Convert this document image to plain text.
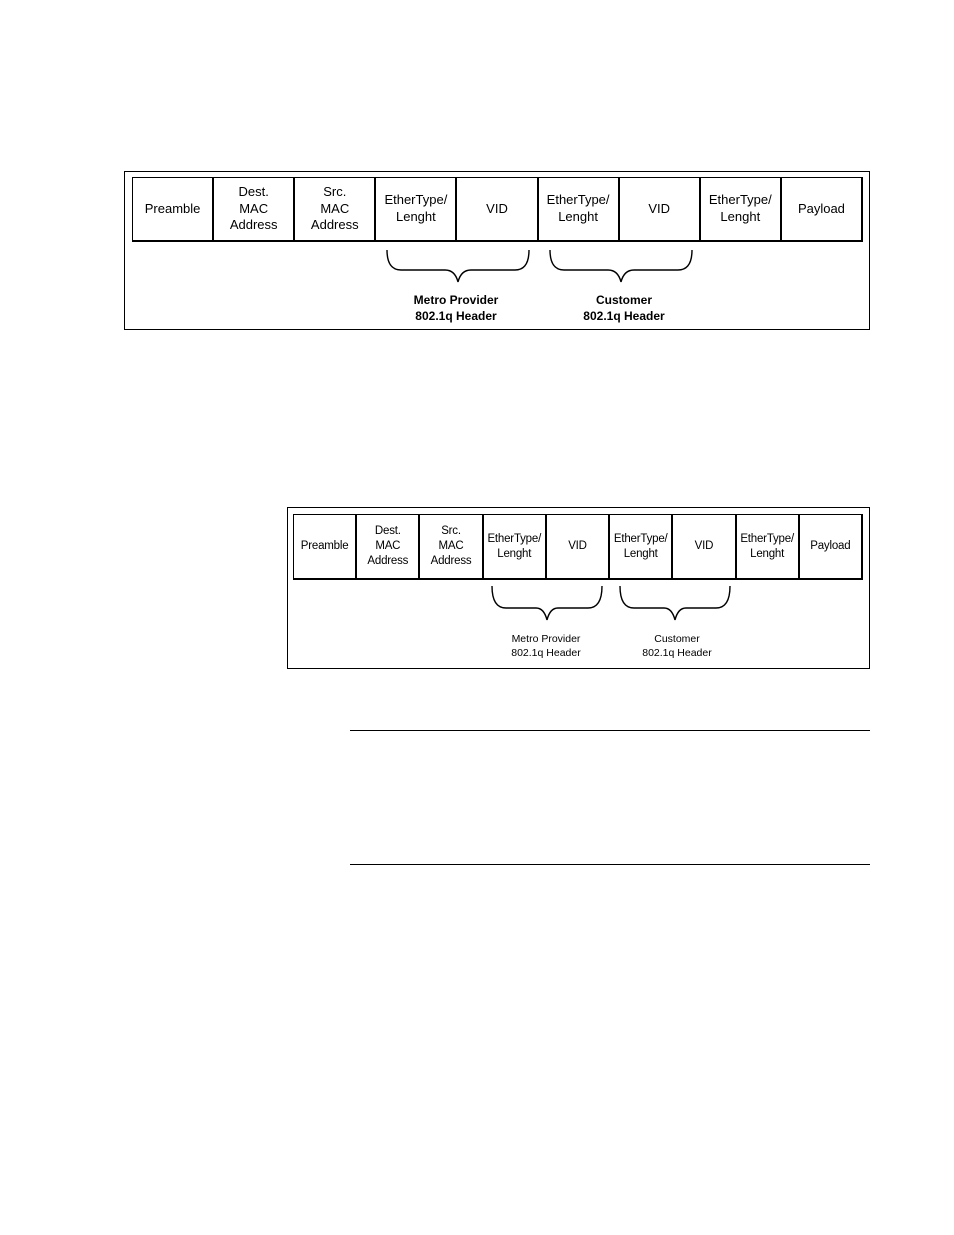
Preamble
Dest.
MAC
Address
Src.
MAC
Address
EtherType/
Lenght
VID
EtherType/
Lenght
VID
EtherType/
Lenght
Payload
Metro Provider
802.1q Header
Customer
802.1q Header
Preamble
Dest.
MAC
Address
Src.
MAC
Address
EtherType/
Lenght
VID
EtherType/
Lenght
VID
EtherType/
Lenght
Payload
Metro Provider
802.1q Header
Customer
802.1q Header
